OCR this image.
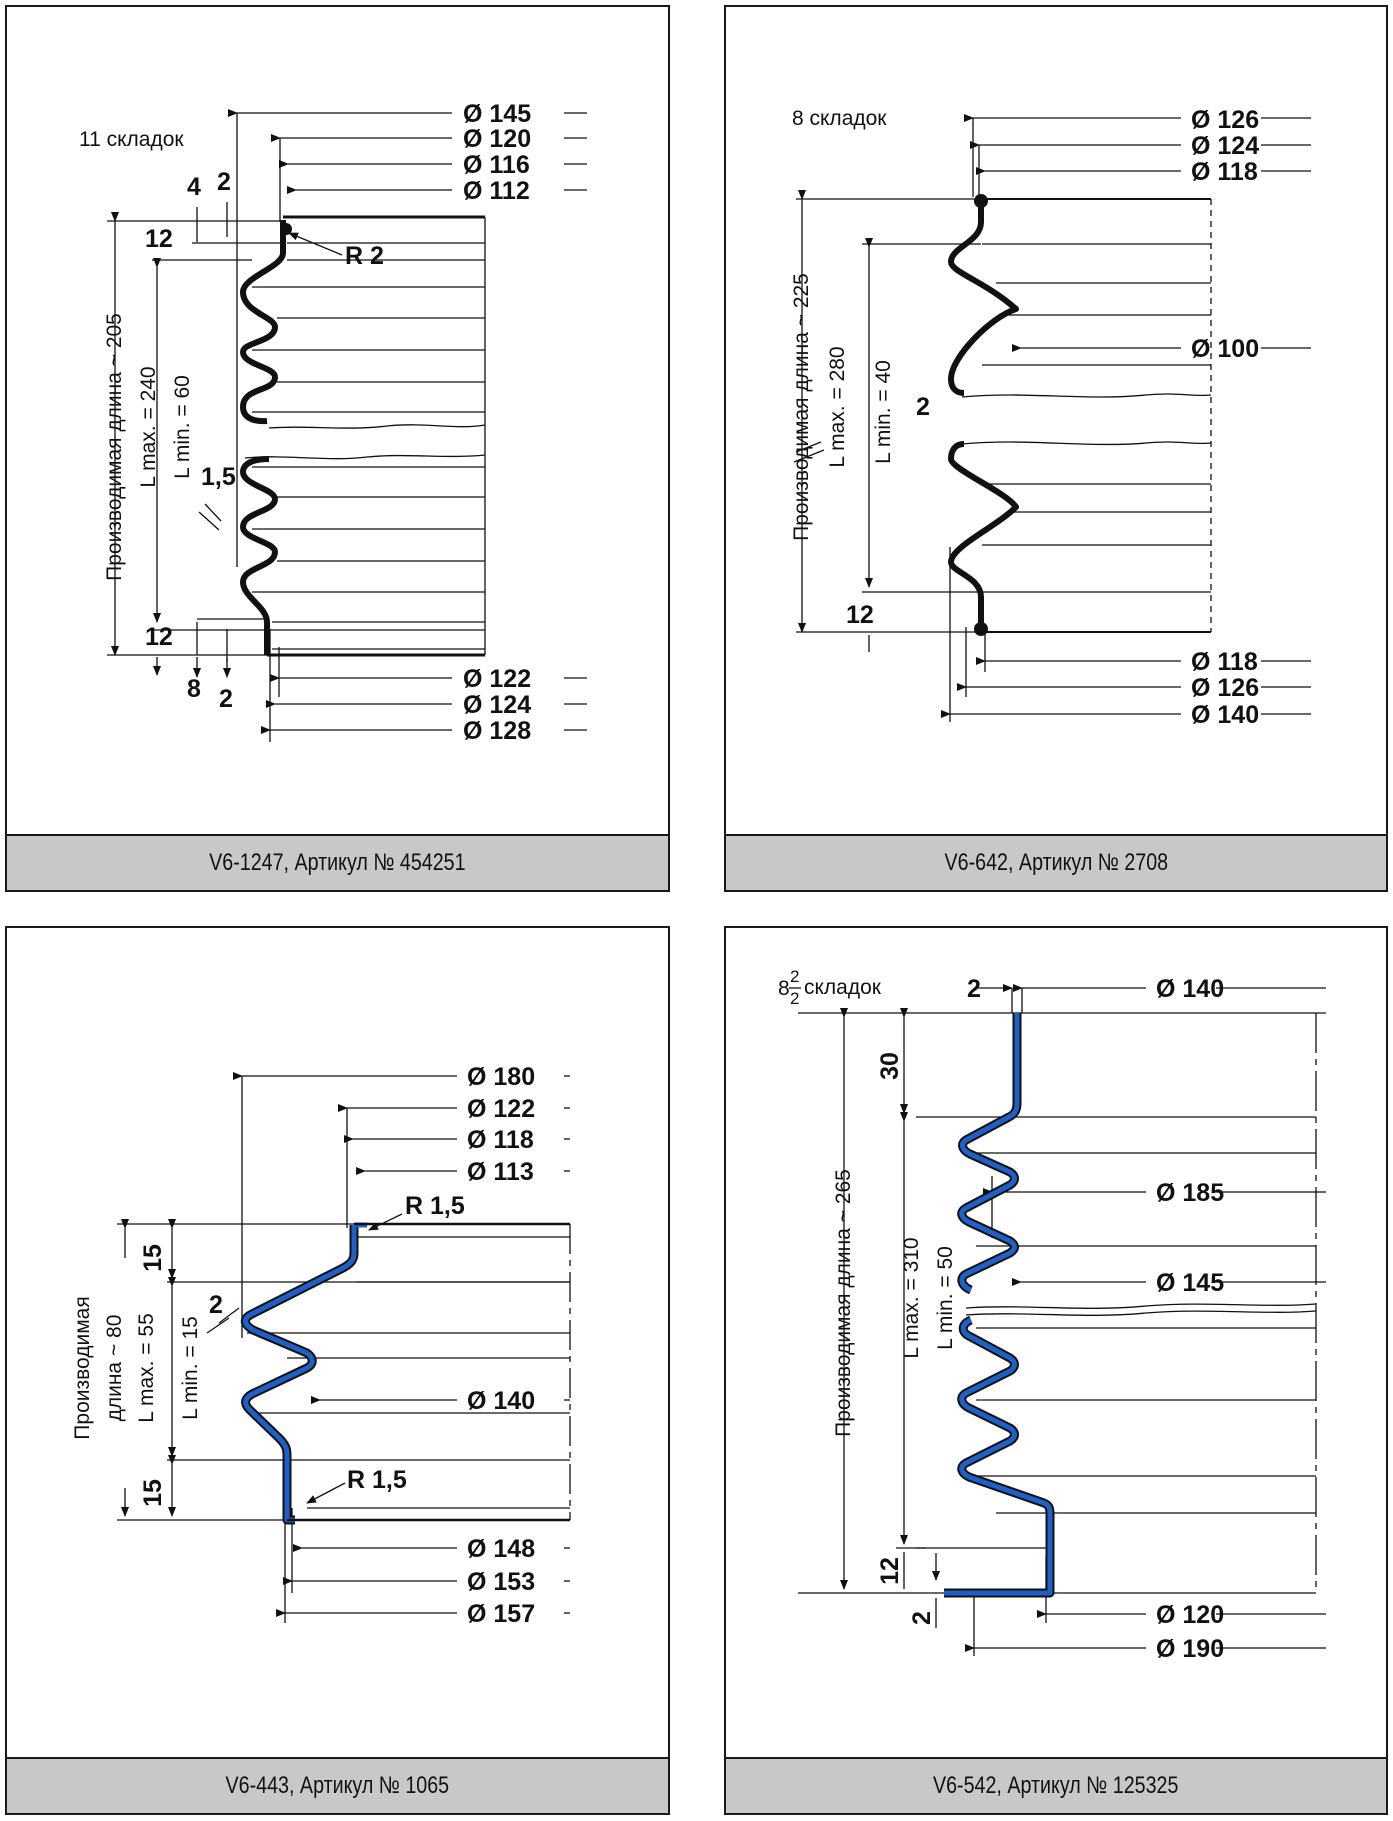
11 складок
Ø 145
Ø 120
Ø 116
Ø 112
Ø 122
Ø 124
Ø 128
4 2
12
12
8 2
1,5
R 2
Производимая длина ~ 205 L max. = 240 L min. = 60
V6-1247, Артикул № 454251
8 складок	Ø 126
Ø 124
Ø 118
Ø 100
Ø 118
Ø 126
Ø 140
2
12
Производимая длина ~ 225 L max. = 280 L min. = 40
V6-642, Артикул № 2708
Ø 180
Ø 122
Ø 118
Ø 113
Ø 140
Ø 148
Ø 153
Ø 157
R 1,5
R 1,5
15
15
2
Производимая длина ~ 80 L max. = 55 L min. = 15
V6-443, Артикул № 1065
8
2
2 складок	2	Ø 140
Ø 185
Ø 145
Ø 120
Ø 190
30
12
2
Производимая длина ~ 265 L max. = 310 L min. = 50
V6-542, Артикул № 125325
